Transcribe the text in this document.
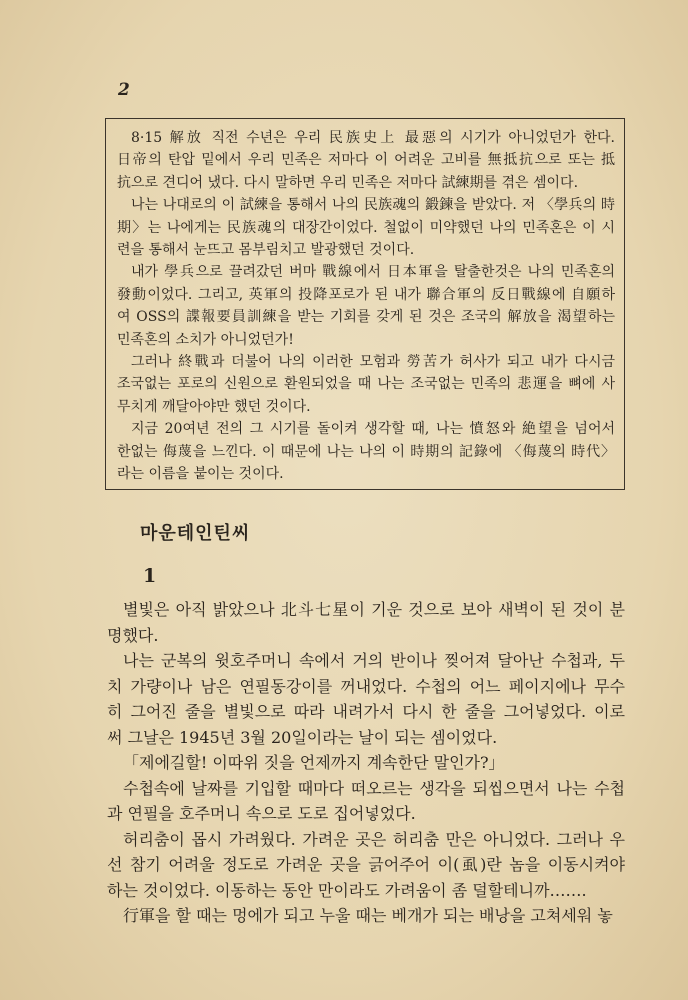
2
8·15 解放 직전 수년은 우리 民族史上 最惡의 시기가 아니었던가 한다.
日帝의 탄압 밑에서 우리 민족은 저마다 이 어려운 고비를 無抵抗으로 또는 抵
抗으로 견디어 냈다. 다시 말하면 우리 민족은 저마다 試練期를 겪은 셈이다.
나는 나대로의 이 試練을 통해서 나의 民族魂의 鍛鍊을 받았다. 저 〈學兵의 時
期〉는 나에게는 民族魂의 대장간이었다. 철없이 미약했던 나의 민족혼은 이 시
련을 통해서 눈뜨고 몸부림치고 발광했던 것이다.
내가 學兵으로 끌려갔던 버마 戰線에서 日本軍을 탈출한것은 나의 민족혼의
發動이었다. 그리고, 英軍의 投降포로가 된 내가 聯合軍의 反日戰線에 自願하
여 OSS의 諜報要員訓練을 받는 기회를 갖게 된 것은 조국의 解放을 渴望하는
민족혼의 소치가 아니었던가!
그러나 終戰과 더불어 나의 이러한 모험과 勞苦가 허사가 되고 내가 다시금
조국없는 포로의 신원으로 환원되었을 때 나는 조국없는 민족의 悲運을 뼈에 사
무치게 깨달아야만 했던 것이다.
지금 20여년 전의 그 시기를 돌이켜 생각할 때, 나는 憤怒와 絶望을 넘어서
한없는 侮蔑을 느낀다. 이 때문에 나는 나의 이 時期의 記錄에 〈侮蔑의 時代〉
라는 이름을 붙이는 것이다.
마운테인틴씨
1
별빛은 아직 밝았으나 北斗七星이 기운 것으로 보아 새벽이 된 것이 분
명했다.
나는 군복의 윗호주머니 속에서 거의 반이나 찢어져 달아난 수첩과, 두
치 가량이나 남은 연필동강이를 꺼내었다. 수첩의 어느 페이지에나 무수
히 그어진 줄을 별빛으로 따라 내려가서 다시 한 줄을 그어넣었다. 이로
써 그날은 1945년 3월 20일이라는 날이 되는 셈이었다.
「제에길할! 이따위 짓을 언제까지 계속한단 말인가?」
수첩속에 날짜를 기입할 때마다 떠오르는 생각을 되씹으면서 나는 수첩
과 연필을 호주머니 속으로 도로 집어넣었다.
허리춤이 몹시 가려웠다. 가려운 곳은 허리춤 만은 아니었다. 그러나 우
선 참기 어려울 정도로 가려운 곳을 긁어주어 이(虱)란 놈을 이동시켜야
하는 것이었다. 이동하는 동안 만이라도 가려움이 좀 덜할테니까…….
行軍을 할 때는 멍에가 되고 누울 때는 베개가 되는 배낭을 고쳐세워 놓
